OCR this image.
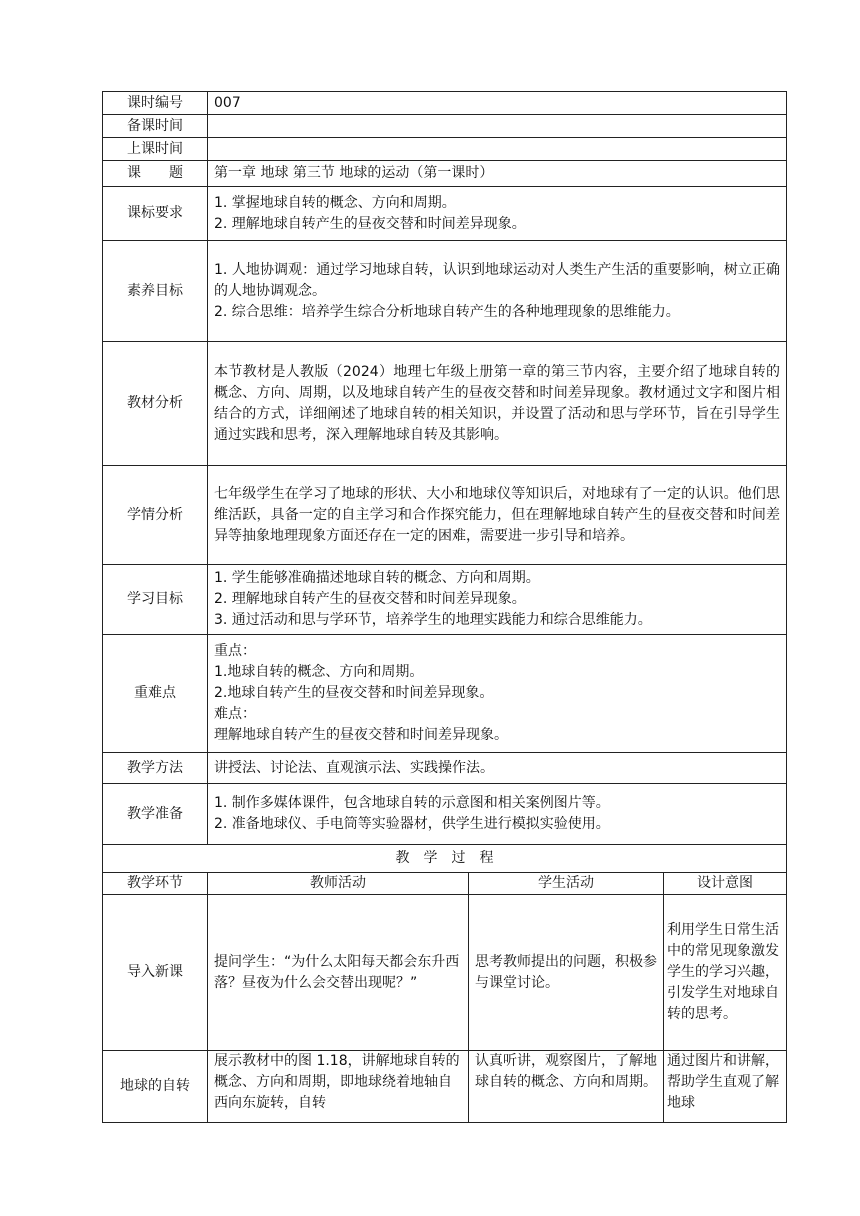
课时编号	007		
备课时间			
上课时间			
课　　题	第一章 地球 第三节 地球的运动（第一课时）		
课标要求	1. 掌握地球自转的概念、方向和周期。
2. 理解地球自转产生的昼夜交替和时间差异现象。		
素养目标	1. 人地协调观：通过学习地球自转，认识到地球运动对人类生产生活的重要影响，树立正确的人地协调观念。
2. 综合思维：培养学生综合分析地球自转产生的各种地理现象的思维能力。		
教材分析	本节教材是人教版（2024）地理七年级上册第一章的第三节内容，主要介绍了地球自转的概念、方向、周期，以及地球自转产生的昼夜交替和时间差异现象。教材通过文字和图片相结合的方式，详细阐述了地球自转的相关知识，并设置了活动和思与学环节，旨在引导学生通过实践和思考，深入理解地球自转及其影响。		
学情分析	七年级学生在学习了地球的形状、大小和地球仪等知识后，对地球有了一定的认识。他们思维活跃，具备一定的自主学习和合作探究能力，但在理解地球自转产生的昼夜交替和时间差异等抽象地理现象方面还存在一定的困难，需要进一步引导和培养。		
学习目标	1. 学生能够准确描述地球自转的概念、方向和周期。
2. 理解地球自转产生的昼夜交替和时间差异现象。
3. 通过活动和思与学环节，培养学生的地理实践能力和综合思维能力。		
重难点	重点：
1.地球自转的概念、方向和周期。
2.地球自转产生的昼夜交替和时间差异现象。
难点：
理解地球自转产生的昼夜交替和时间差异现象。		
教学方法	讲授法、讨论法、直观演示法、实践操作法。		
教学准备	1. 制作多媒体课件，包含地球自转的示意图和相关案例图片等。
2. 准备地球仪、手电筒等实验器材，供学生进行模拟实验使用。		
教　学　过　程			
教学环节	教师活动	学生活动	设计意图
导入新课	提问学生：“为什么太阳每天都会东升西落？昼夜为什么会交替出现呢？”	思考教师提出的问题，积极参与课堂讨论。	利用学生日常生活中的常见现象激发学生的学习兴趣，引发学生对地球自转的思考。
地球的自转	展示教材中的图 1.18，讲解地球自转的概念、方向和周期，即地球绕着地轴自西向东旋转，自转	认真听讲，观察图片，了解地球自转的概念、方向和周期。	通过图片和讲解，帮助学生直观了解地球
